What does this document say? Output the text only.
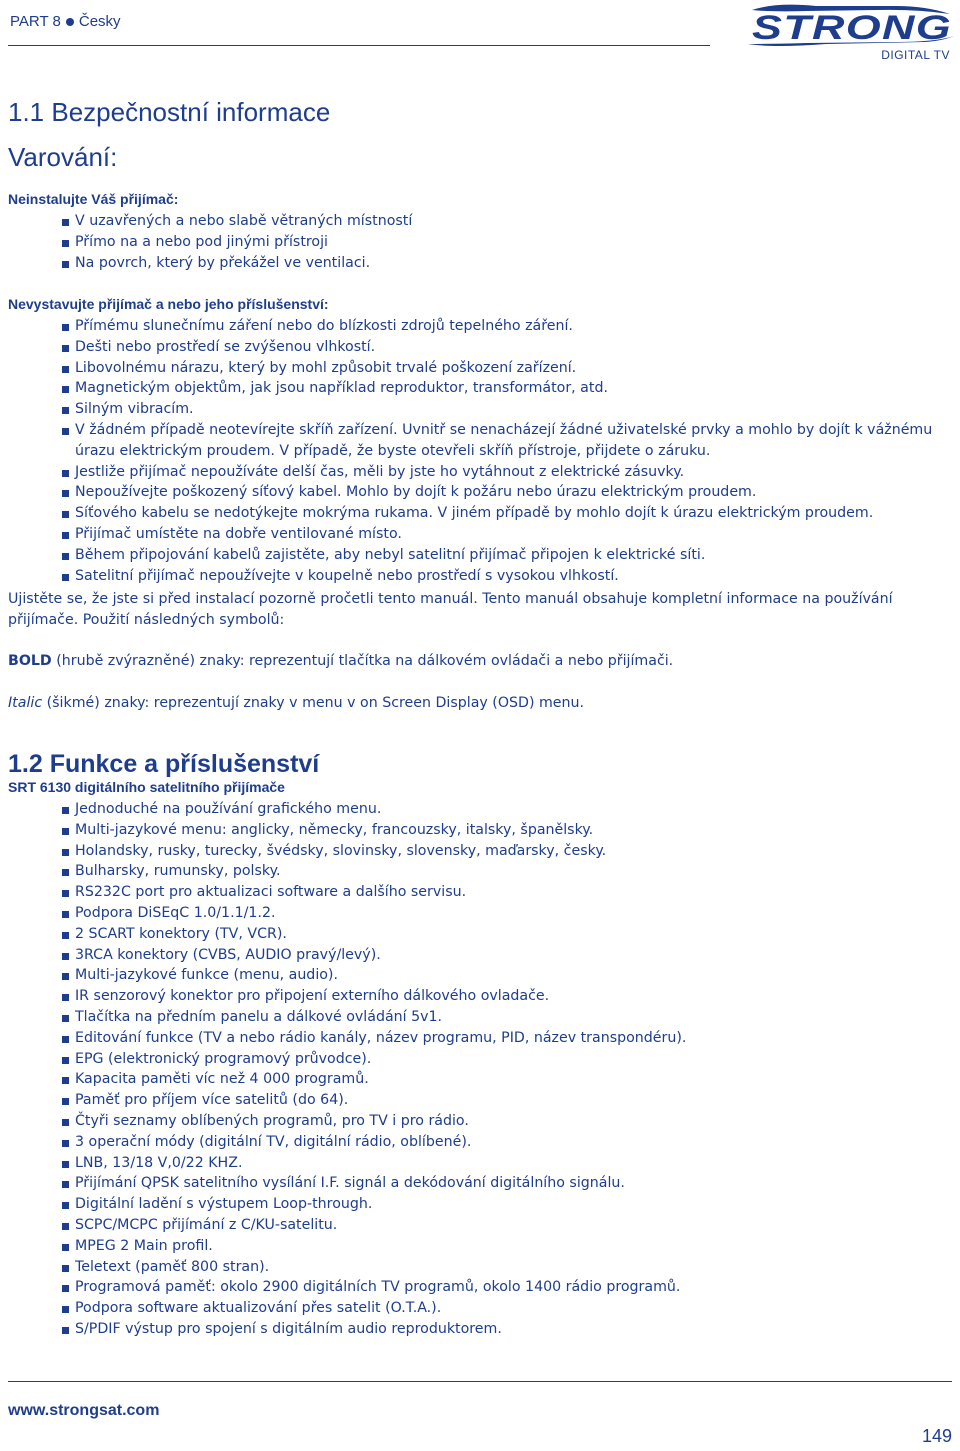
PART 8 Česky	STRONG
DIGITAL TV
1.1 Bezpečnostní informace
Varování:
Neinstalujte Váš přijímač:
V uzavřených a nebo slabě větraných místností
Přímo na a nebo pod jinými přístroji
Na povrch, který by překážel ve ventilaci.
Nevystavujte přijímač a nebo jeho příslušenství:
Přímému slunečnímu záření nebo do blízkosti zdrojů tepelného záření.
Dešti nebo prostředí se zvýšenou vlhkostí.
Libovolnému nárazu, který by mohl způsobit trvalé poškození zařízení.
Magnetickým objektům, jak jsou například reproduktor, transformátor, atd.
Silným vibracím.
V žádném případě neotevírejte skříň zařízení. Uvnitř se nenacházejí žádné uživatelské prvky a mohlo by dojít k vážnému úrazu elektrickým proudem. V případě, že byste otevřeli skříň přístroje, přijdete o záruku.
Jestliže přijímač nepoužíváte delší čas, měli by jste ho vytáhnout z elektrické zásuvky.
Nepoužívejte poškozený síťový kabel. Mohlo by dojít k požáru nebo úrazu elektrickým proudem.
Síťového kabelu se nedotýkejte mokrýma rukama. V jiném případě by mohlo dojít k úrazu elektrickým proudem.
Přijímač umístěte na dobře ventilované místo.
Během připojování kabelů zajistěte, aby nebyl satelitní přijímač připojen k elektrické síti.
Satelitní přijímač nepoužívejte v koupelně nebo prostředí s vysokou vlhkostí.
Ujistěte se, že jste si před instalací pozorně pročetli tento manuál. Tento manuál obsahuje kompletní informace na používání přijímače. Použití následných symbolů:
BOLD (hrubě zvýrazněné) znaky: reprezentují tlačítka na dálkovém ovládači a nebo přijímači.
Italic (šikmé) znaky: reprezentují znaky v menu v on Screen Display (OSD) menu.
1.2 Funkce a příslušenství
SRT 6130 digitálního satelitního přijímače
Jednoduché na používání grafického menu.
Multi-jazykové menu: anglicky, německy, francouzsky, italsky, španělsky.
Holandsky, rusky, turecky, švédsky, slovinsky, slovensky, maďarsky, česky.
Bulharsky, rumunsky, polsky.
RS232C port pro aktualizaci software a dalšího servisu.
Podpora DiSEqC 1.0/1.1/1.2.
2 SCART konektory (TV, VCR).
3RCA konektory (CVBS, AUDIO pravý/levý).
Multi-jazykové funkce (menu, audio).
IR senzorový konektor pro připojení externího dálkového ovladače.
Tlačítka na předním panelu a dálkové ovládání 5v1.
Editování funkce (TV a nebo rádio kanály, název programu, PID, název transpondéru).
EPG (elektronický programový průvodce).
Kapacita paměti víc než 4 000 programů.
Paměť pro příjem více satelitů (do 64).
Čtyři seznamy oblíbených programů, pro TV i pro rádio.
3 operační módy (digitální TV, digitální rádio, oblíbené).
LNB, 13/18 V,0/22 KHZ.
Přijímání QPSK satelitního vysílání I.F. signál a dekódování digitálního signálu.
Digitální ladění s výstupem Loop-through.
SCPC/MCPC přijímání z C/KU-satelitu.
MPEG 2 Main profil.
Teletext (paměť 800 stran).
Programová paměť: okolo 2900 digitálních TV programů, okolo 1400 rádio programů.
Podpora software aktualizování přes satelit (O.T.A.).
S/PDIF výstup pro spojení s digitálním audio reproduktorem.
www.strongsat.com
149
